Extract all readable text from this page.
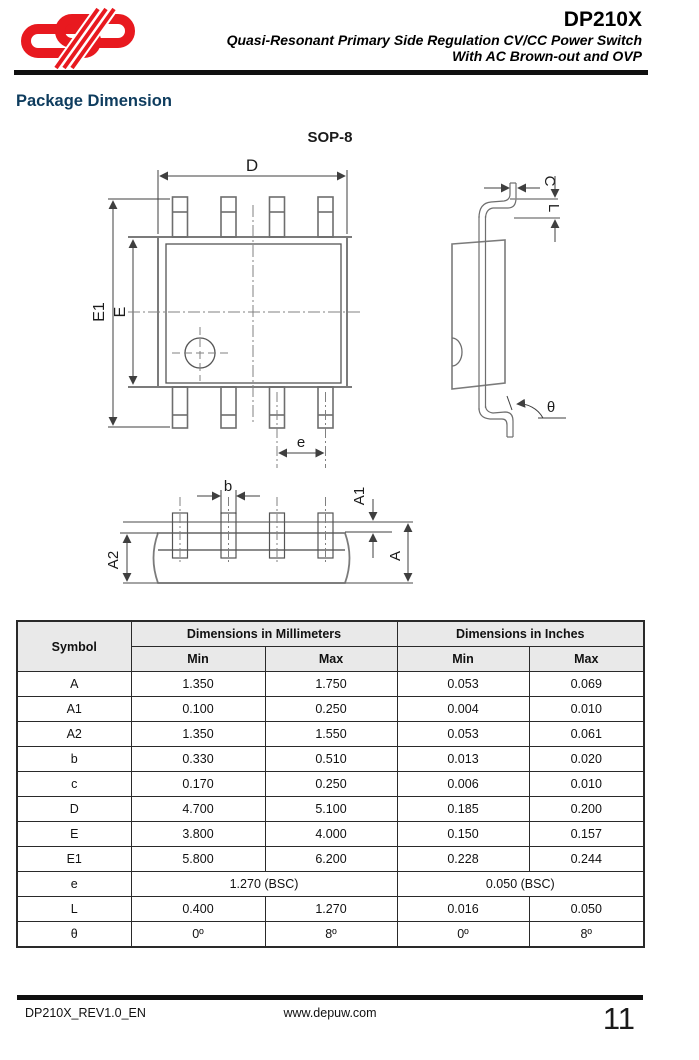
DP210X
Quasi-Resonant Primary Side Regulation CV/CC Power Switch
With AC Brown-out and OVP
Package Dimension
SOP-8
D
E1 E
e
C
L
θ
b
A1
A
A2
Symbol	Dimensions in Millimeters		Dimensions in Inches	
	Min	Max	Min	Max
A	1.350	1.750	0.053	0.069
A1	0.100	0.250	0.004	0.010
A2	1.350	1.550	0.053	0.061
b	0.330	0.510	0.013	0.020
c	0.170	0.250	0.006	0.010
D	4.700	5.100	0.185	0.200
E	3.800	4.000	0.150	0.157
E1	5.800	6.200	0.228	0.244
e	1.270 (BSC)		0.050 (BSC)	
L	0.400	1.270	0.016	0.050
θ	0º	8º	0º	8º
DP210X_REV1.0_EN	www.depuw.com	11
